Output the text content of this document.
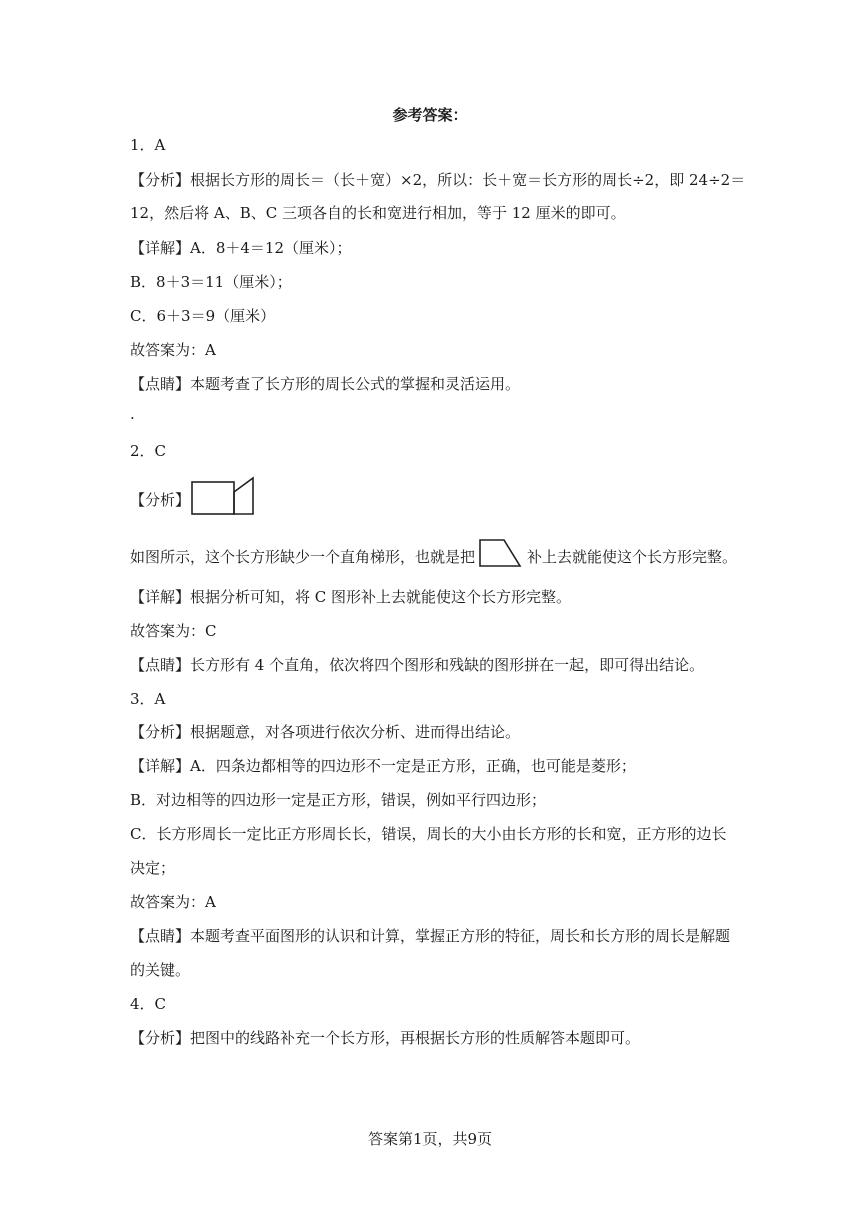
参考答案：
1．A
【分析】根据长方形的周长＝（长＋宽）×2，所以：长＋宽＝长方形的周长÷2，即 24÷2＝
12，然后将 A、B、C 三项各自的长和宽进行相加，等于 12 厘米的即可。
【详解】A．8＋4＝12（厘米）；
B．8＋3＝11（厘米）；
C．6＋3＝9（厘米）
故答案为：A
【点睛】本题考查了长方形的周长公式的掌握和灵活运用。
.
2．C
【分析】
如图所示，这个长方形缺少一个直角梯形，也就是把	补上去就能使这个长方形完整。
【详解】根据分析可知，将 C 图形补上去就能使这个长方形完整。
故答案为：C
【点睛】长方形有 4 个直角，依次将四个图形和残缺的图形拼在一起，即可得出结论。
3．A
【分析】根据题意，对各项进行依次分析、进而得出结论。
【详解】A．四条边都相等的四边形不一定是正方形，正确，也可能是菱形；
B．对边相等的四边形一定是正方形，错误，例如平行四边形；
C．长方形周长一定比正方形周长长，错误，周长的大小由长方形的长和宽，正方形的边长
决定；
故答案为：A
【点睛】本题考查平面图形的认识和计算，掌握正方形的特征，周长和长方形的周长是解题
的关键。
4．C
【分析】把图中的线路补充一个长方形，再根据长方形的性质解答本题即可。
答案第1页，共9页
